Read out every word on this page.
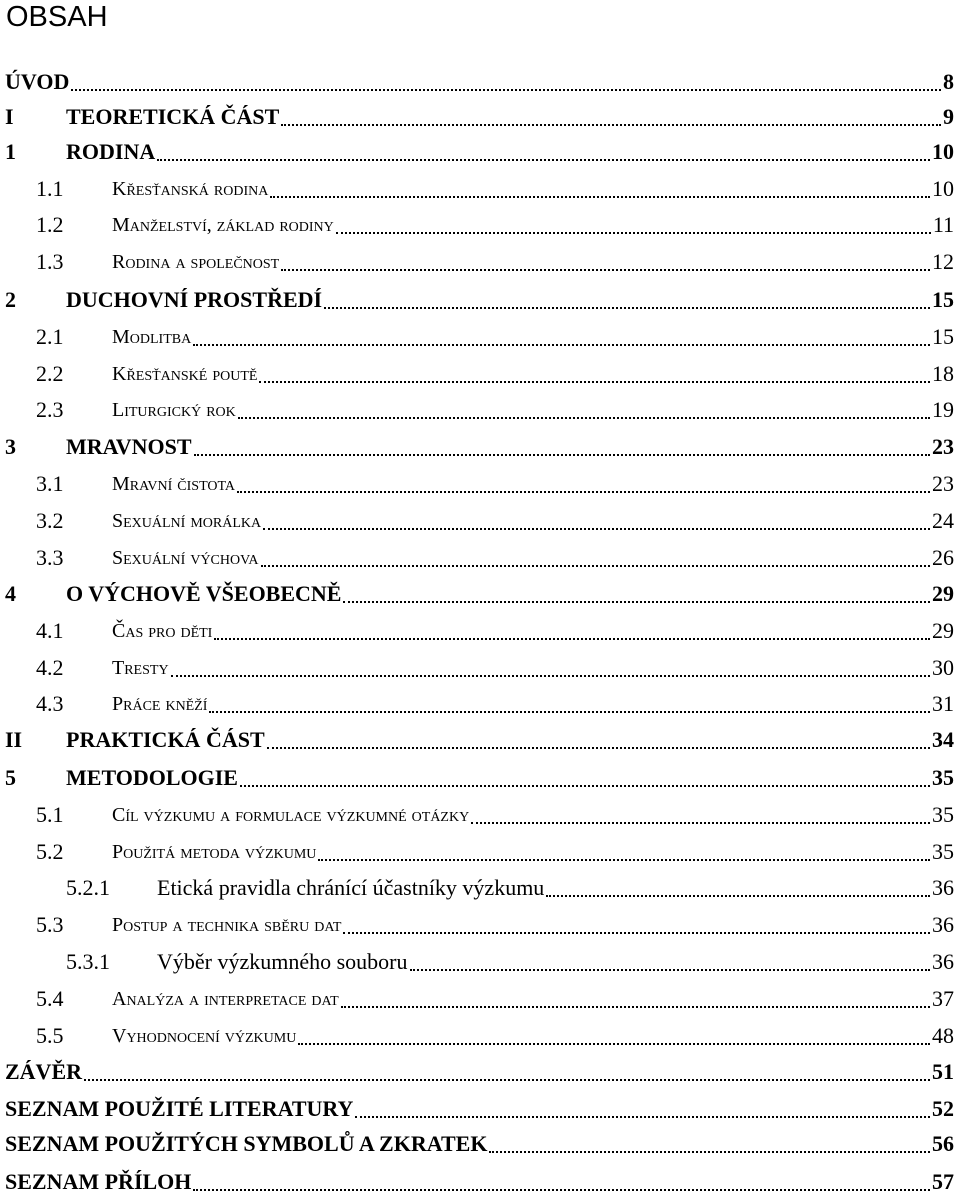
OBSAH
ÚVOD	8
I TEORETICKÁ ČÁST	9
1 RODINA	10
1.1 Křesťanská rodina	10
1.2 Manželství, základ rodiny	11
1.3 Rodina a společnost	12
2 DUCHOVNÍ PROSTŘEDÍ	15
2.1 Modlitba	15
2.2 Křesťanské poutě	18
2.3 Liturgický rok	19
3 MRAVNOST	23
3.1 Mravní čistota	23
3.2 Sexuální morálka	24
3.3 Sexuální výchova	26
4 O VÝCHOVĚ VŠEOBECNĚ	29
4.1 Čas pro děti	29
4.2 Tresty	30
4.3 Práce kněží	31
II PRAKTICKÁ ČÁST	34
5 METODOLOGIE	35
5.1 Cíl výzkumu a formulace výzkumné otázky	35
5.2 Použitá metoda výzkumu	35
5.2.1 Etická pravidla chránící účastníky výzkumu	36
5.3 Postup a technika sběru dat	36
5.3.1 Výběr výzkumného souboru	36
5.4 Analýza a interpretace dat	37
5.5 Vyhodnocení výzkumu	48
ZÁVĚR	51
SEZNAM POUŽITÉ LITERATURY	52
SEZNAM POUŽITÝCH SYMBOLŮ A ZKRATEK	56
SEZNAM PŘÍLOH	57
